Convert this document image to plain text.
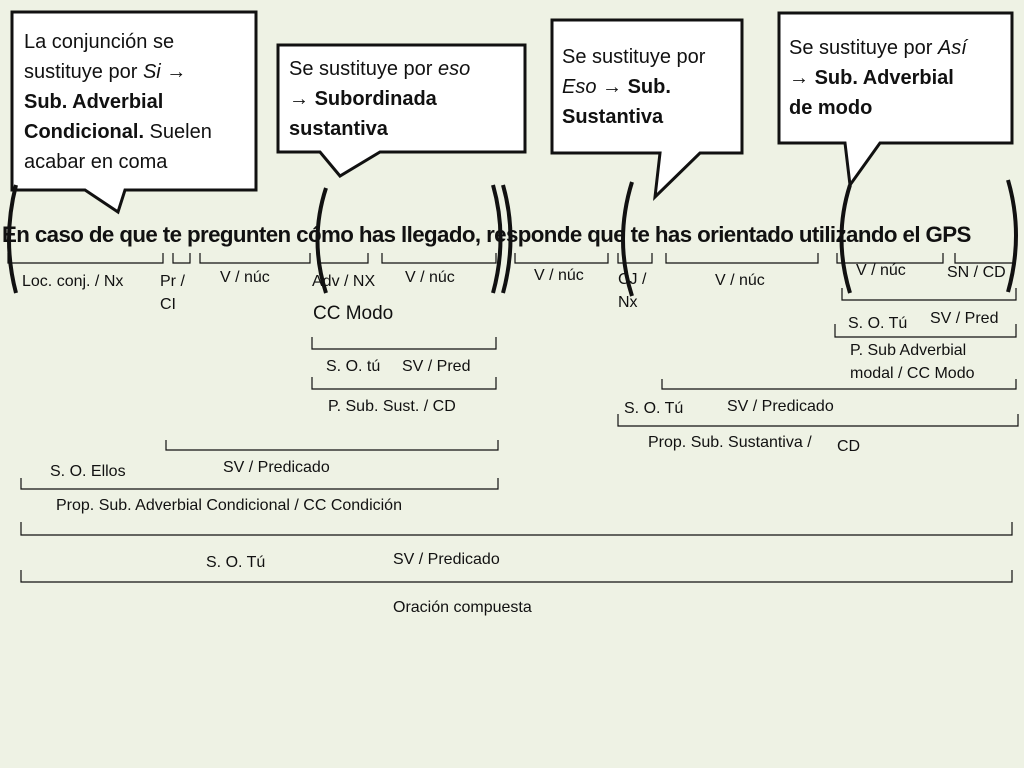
La conjunción se
sustituye por Si →
Sub. Adverbial
Condicional. Suelen
acabar en coma
Se sustituye por eso
→ Subordinada
sustantiva
Se sustituye por
Eso → Sub.
Sustantiva
Se sustituye por Así
→ Sub. Adverbial
de modo
En caso de que te pregunten cómo has llegado, responde que te has orientado utilizando el GPS
Loc. conj. / Nx Pr /
CI
V / núc	Adv / NX V / núc	V / núc CJ /
Nx
V / núc
V / núc	SN / CD
CC Modo
S. O. tú SV / Pred
P. Sub. Sust. / CD
S. O. Tú SV / Pred
P. Sub Adverbial
modal / CC Modo
S. O. Tú	SV / Predicado
Prop. Sub. Sustantiva / CD
SV / Predicado
S. O. Ellos
Prop. Sub. Adverbial Condicional / CC Condición
S. O. Tú	SV / Predicado
Oración compuesta
